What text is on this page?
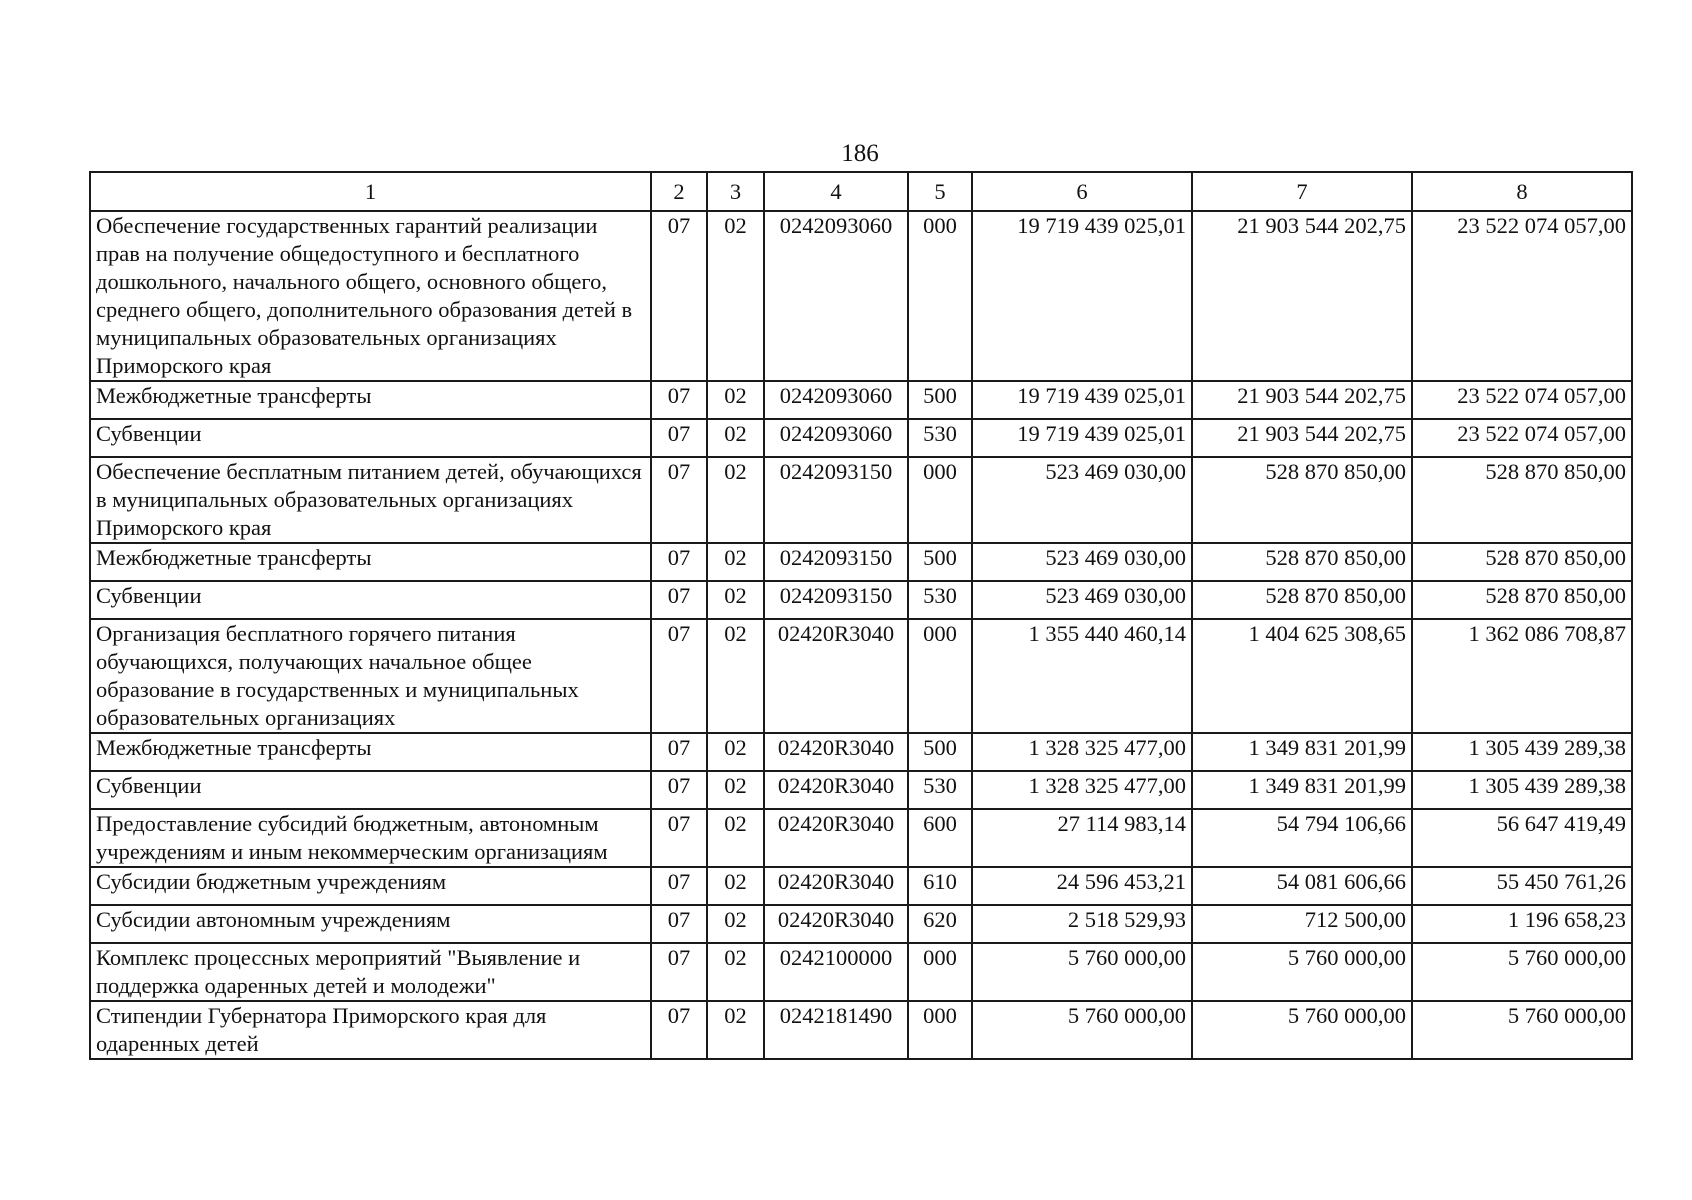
186
1	2	3	4	5	6	7	8
Обеспечение государственных гарантий реализации прав на получение общедоступного и бесплатного дошкольного, начального общего, основного общего, среднего общего, дополнительного образования детей в муниципальных образовательных организациях Приморского края	07	02	0242093060	000	19 719 439 025,01	21 903 544 202,75	23 522 074 057,00
Межбюджетные трансферты	07	02	0242093060	500	19 719 439 025,01	21 903 544 202,75	23 522 074 057,00
Субвенции	07	02	0242093060	530	19 719 439 025,01	21 903 544 202,75	23 522 074 057,00
Обеспечение бесплатным питанием детей, обучающихся в муниципальных образовательных организациях Приморского края	07	02	0242093150	000	523 469 030,00	528 870 850,00	528 870 850,00
Межбюджетные трансферты	07	02	0242093150	500	523 469 030,00	528 870 850,00	528 870 850,00
Субвенции	07	02	0242093150	530	523 469 030,00	528 870 850,00	528 870 850,00
Организация бесплатного горячего питания обучающихся, получающих начальное общее образование в государственных и муниципальных образовательных организациях	07	02	02420R3040	000	1 355 440 460,14	1 404 625 308,65	1 362 086 708,87
Межбюджетные трансферты	07	02	02420R3040	500	1 328 325 477,00	1 349 831 201,99	1 305 439 289,38
Субвенции	07	02	02420R3040	530	1 328 325 477,00	1 349 831 201,99	1 305 439 289,38
Предоставление субсидий бюджетным, автономным учреждениям и иным некоммерческим организациям	07	02	02420R3040	600	27 114 983,14	54 794 106,66	56 647 419,49
Субсидии бюджетным учреждениям	07	02	02420R3040	610	24 596 453,21	54 081 606,66	55 450 761,26
Субсидии автономным учреждениям	07	02	02420R3040	620	2 518 529,93	712 500,00	1 196 658,23
Комплекс процессных мероприятий "Выявление и поддержка одаренных детей и молодежи"	07	02	0242100000	000	5 760 000,00	5 760 000,00	5 760 000,00
Стипендии Губернатора Приморского края для одаренных детей	07	02	0242181490	000	5 760 000,00	5 760 000,00	5 760 000,00
